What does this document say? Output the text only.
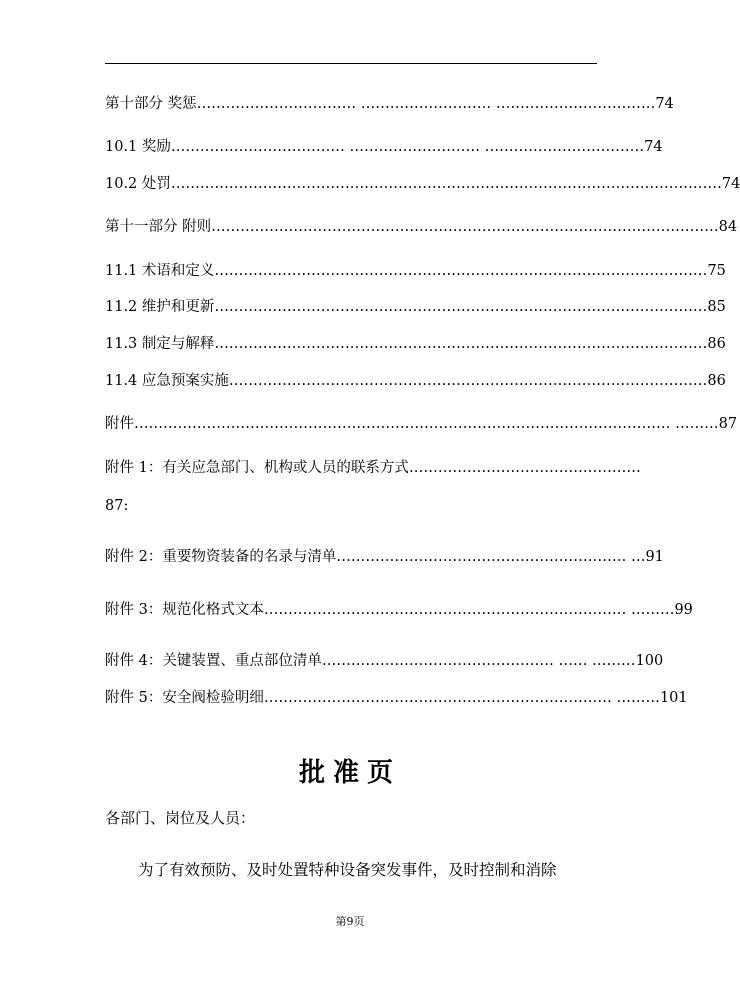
第十部分 奖惩 …………………………… ……………………… …………………………… 74
10.1 奖励 ……………………………… ……………………… …………………………… 74
10.2 处罚 …………………………………………………………………………………………………… 74
第十一部分 附则 …………………………………………………………………………………………… 84
11.1 术语和定义 ………………………………………………………………………………………… 75
11.2 维护和更新 ………………………………………………………………………………………… 85
11.3 制定与解释 ………………………………………………………………………………………… 86
11.4 应急预案实施 ……………………………………………………………………………………… 86
附件 ………………………………………………………………………………………………… ……… 87
附件 1：有关应急部门、机构或人员的联系方式…………………………………………
87:
附件 2：重要物资装备的名录与清单 …………………………………………………… … 91
附件 3：规范化格式文本 ………………………………………………………………… ……… 99
附件 4：关键装置、重点部位清单 ………………………………………… …… ……… 100
附件 5：安全阀检验明细 ……………………………………………………………… ……… 101
批准页
各部门、岗位及人员：
为了有效预防、及时处置特种设备突发事件，及时控制和消除
第9页
